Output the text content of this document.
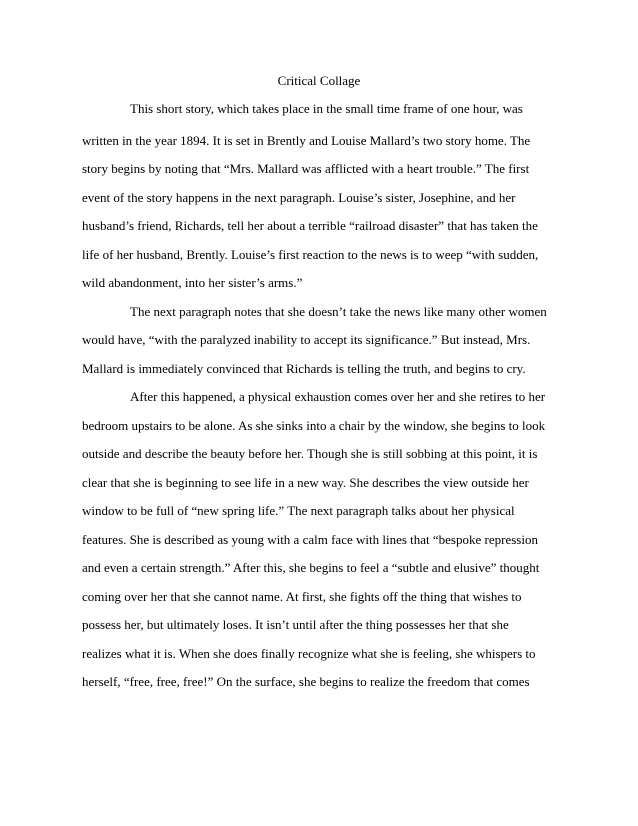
Critical Collage
This short story, which takes place in the small time frame of one hour, was
written in the year 1894. It is set in Brently and Louise Mallard’s two story home. The
story begins by noting that “Mrs. Mallard was afflicted with a heart trouble.” The first
event of the story happens in the next paragraph. Louise’s sister, Josephine, and her
husband’s friend, Richards, tell her about a terrible “railroad disaster” that has taken the
life of her husband, Brently. Louise’s first reaction to the news is to weep “with sudden,
wild abandonment, into her sister’s arms.”
The next paragraph notes that she doesn’t take the news like many other women
would have, “with the paralyzed inability to accept its significance.” But instead, Mrs.
Mallard is immediately convinced that Richards is telling the truth, and begins to cry.
After this happened, a physical exhaustion comes over her and she retires to her
bedroom upstairs to be alone. As she sinks into a chair by the window, she begins to look
outside and describe the beauty before her. Though she is still sobbing at this point, it is
clear that she is beginning to see life in a new way. She describes the view outside her
window to be full of “new spring life.” The next paragraph talks about her physical
features. She is described as young with a calm face with lines that “bespoke repression
and even a certain strength.” After this, she begins to feel a “subtle and elusive” thought
coming over her that she cannot name. At first, she fights off the thing that wishes to
possess her, but ultimately loses. It isn’t until after the thing possesses her that she
realizes what it is. When she does finally recognize what she is feeling, she whispers to
herself, “free, free, free!” On the surface, she begins to realize the freedom that comes
